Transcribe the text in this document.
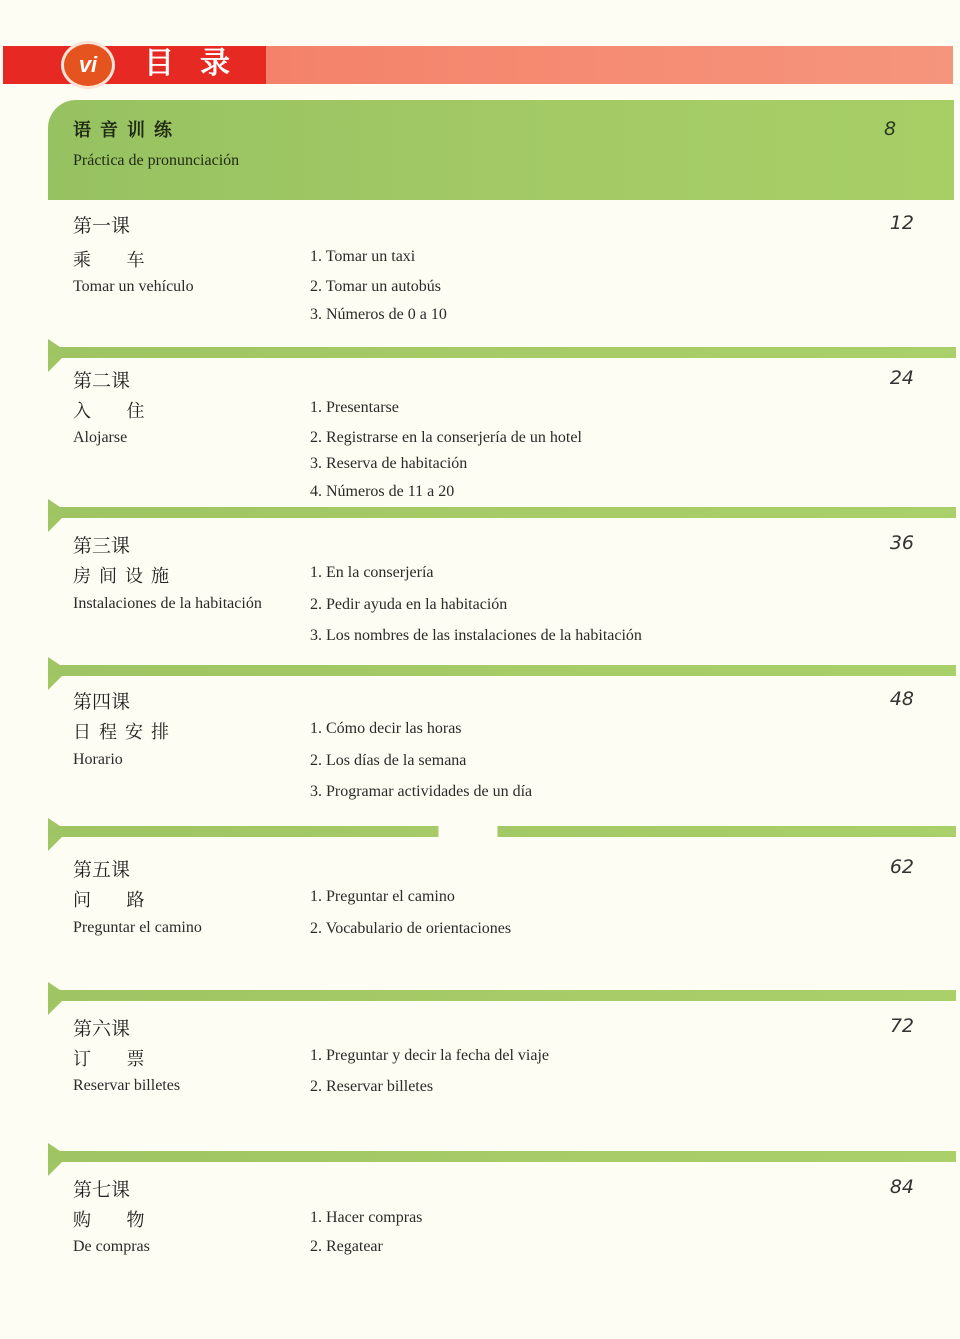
vi 目录
语音训练
Práctica de pronunciación
8
第一课	12
乘  车
Tomar un vehículo
1. Tomar un taxi
2. Tomar un autobús
3. Números de 0 a 10
第二课	24
入  住
Alojarse
1. Presentarse
2. Registrarse en la conserjería de un hotel
3. Reserva de habitación
4. Números de 11 a 20
第三课	36
房间设施
Instalaciones de la habitación
1. En la conserjería
2. Pedir ayuda en la habitación
3. Los nombres de las instalaciones de la habitación
第四课	48
日程安排
Horario
1. Cómo decir las horas
2. Los días de la semana
3. Programar actividades de un día
第五课	62
问  路
Preguntar el camino
1. Preguntar el camino
2. Vocabulario de orientaciones
第六课	72
订  票
Reservar billetes
1. Preguntar y decir la fecha del viaje
2. Reservar billetes
第七课	84
购  物
De compras
1. Hacer compras
2. Regatear
